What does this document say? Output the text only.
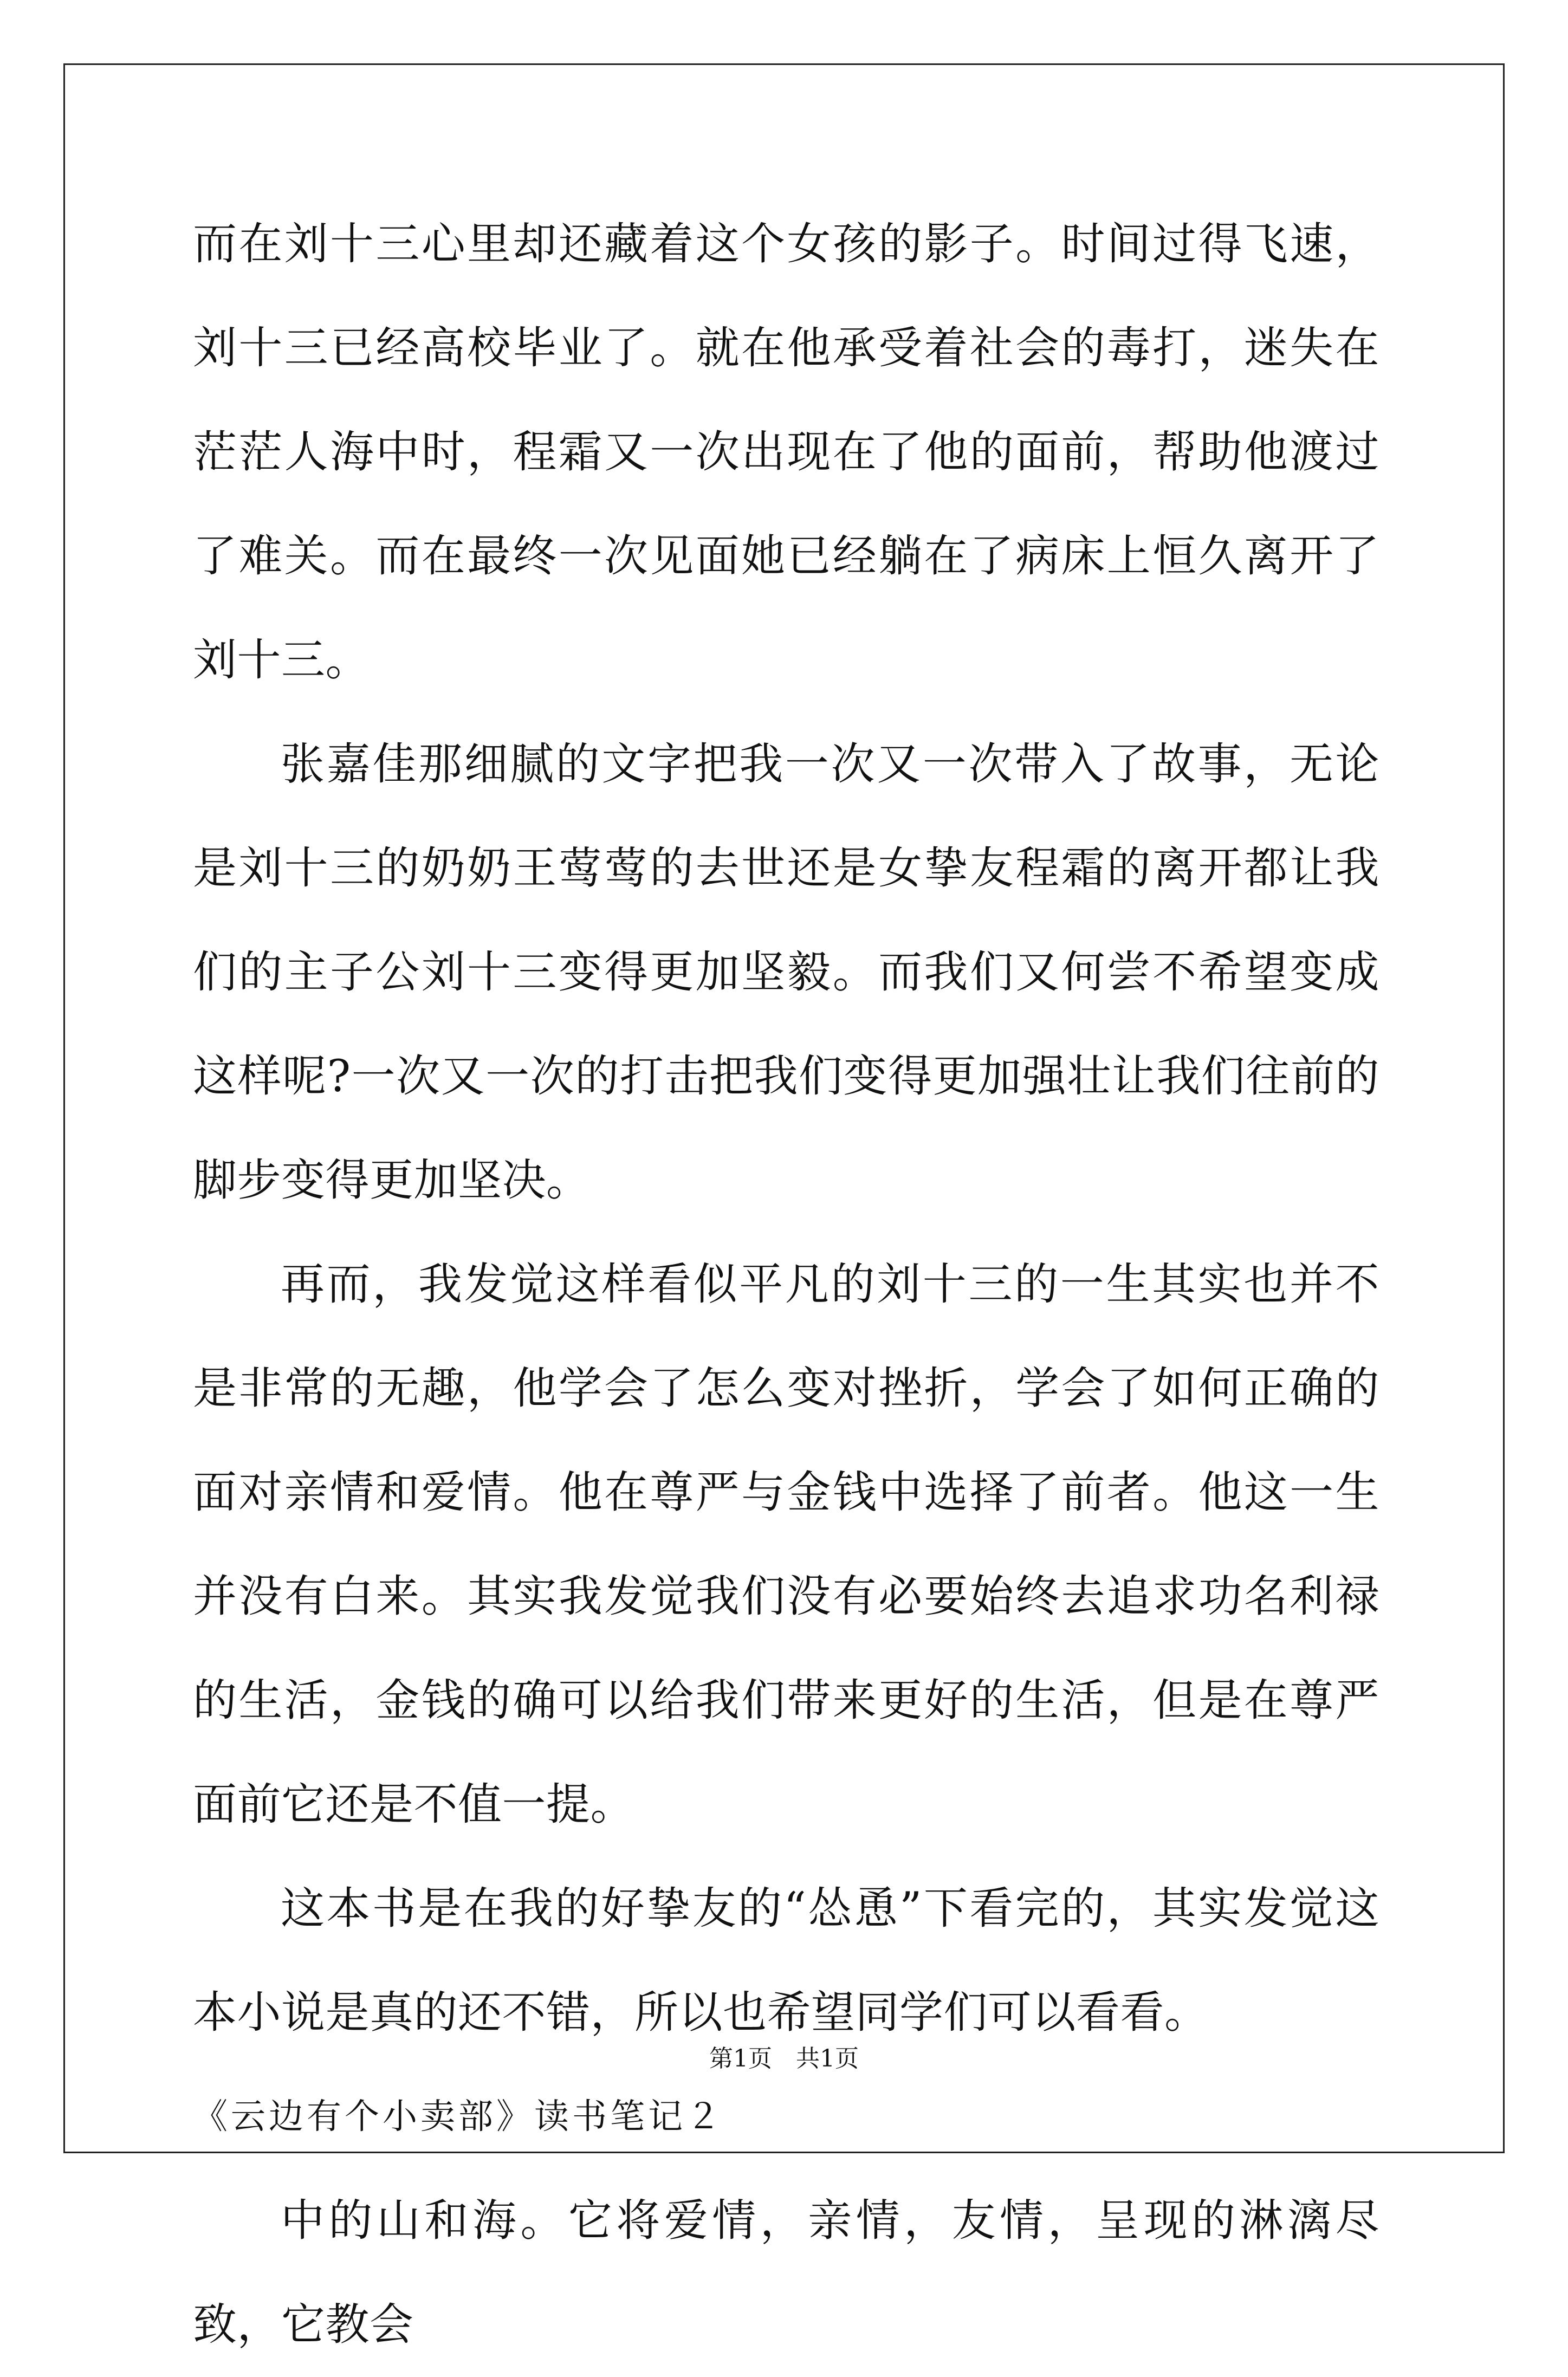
而在刘十三心里却还藏着这个女孩的影子。时间过得飞速，刘十三已经高校毕业了。就在他承受着社会的毒打，迷失在茫茫人海中时，程霜又一次出现在了他的面前，帮助他渡过了难关。而在最终一次见面她已经躺在了病床上恒久离开了刘十三。

张嘉佳那细腻的文字把我一次又一次带入了故事，无论是刘十三的奶奶王莺莺的去世还是女挚友程霜的离开都让我们的主子公刘十三变得更加坚毅。而我们又何尝不希望变成这样呢?一次又一次的打击把我们变得更加强壮让我们往前的脚步变得更加坚决。

再而，我发觉这样看似平凡的刘十三的一生其实也并不是非常的无趣，他学会了怎么变对挫折，学会了如何正确的面对亲情和爱情。他在尊严与金钱中选择了前者。他这一生并没有白来。其实我发觉我们没有必要始终去追求功名利禄的生活，金钱的确可以给我们带来更好的生活，但是在尊严面前它还是不值一提。

这本书是在我的好挚友的“怂恿”下看完的，其实发觉这本小说是真的还不错，所以也希望同学们可以看看。

《云边有个小卖部》读书笔记２

中的山和海。它将爱情，亲情，友情，呈现的淋漓尽致，它教会

第1页　共1页
